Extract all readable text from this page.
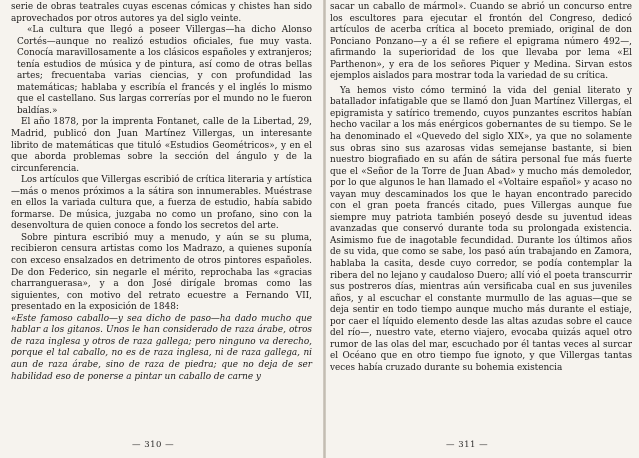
serie de obras teatrales cuyas escenas cómicas y chistes han sido aprovechados por otros autores ya del siglo veinte.

«La cultura que llegó a poseer Villergas—ha dicho Alonso Cortés—aunque no realizó estudios oficiales, fue muy vasta. Conocía maravillosamente a los clásicos españoles y extranjeros; tenía estudios de música y de pintura, así como de otras bellas artes; frecuentaba varias ciencias, y con profundidad las matemáticas; hablaba y escribía el francés y el inglés lo mismo que el castellano. Sus largas correrías por el mundo no le fueron baldías.»

El año 1878, por la imprenta Fontanet, calle de la Libertad, 29, Madrid, publicó don Juan Martínez Villergas, un interesante librito de matemáticas que tituló «Estudios Geométricos», y en el que aborda problemas sobre la sección del ángulo y de la circunferencia.

Los artículos que Villergas escribió de crítica literaria y artística—más o menos próximos a la sátira son innumerables. Muéstrase en ellos la variada cultura que, a fuerza de estudio, había sabido formarse. De música, juzgaba no como un profano, sino con la desenvoltura de quien conoce a fondo los secretos del arte.

Sobre pintura escribió muy a menudo, y aún se su pluma, recibieron censura artistas como los Madrazo, a quienes suponía con exceso ensalzados en detrimento de otros pintores españoles. De don Federico, sin negarle el mérito, reprochaba las «gracias charranguerasa», y a don José dirígale bromas como las siguientes, con motivo del retrato ecuestre a Fernando VII, presentado en la exposición de 1848:

«Este famoso caballo—y sea dicho de paso—ha dado mucho que hablar a los gitanos. Unos le han considerado de raza árabe, otros de raza inglesa y otros de raza gallega; pero ninguno va derecho, porque el tal caballo, no es de raza inglesa, ni de raza gallega, ni aun de raza árabe, sino de raza de piedra; que no deja de ser habilidad eso de ponerse a pintar un caballo de carne y

— 310 —

sacar un caballo de mármol». Cuando se abrió un concurso entre los escultores para ejecutar el frontón del Congreso, dedicó artículos de acerba crítica al boceto premiado, original de don Ponciano Ponzano—y a él se refiere el epigrama número 492—, afirmando la superioridad de los que llevaba por lema «El Parthenon», y era de los señores Piquer y Medina. Sirvan estos ejemplos aislados para mostrar toda la variedad de su crítica.

Ya hemos visto cómo terminó la vida del genial literato y batallador infatigable que se llamó don Juan Martínez Villergas, el epigramista y satírico tremendo, cuyos punzantes escritos habían hecho vacilar a los más enérgicos gobernantes de su tiempo. Se le ha denominado el «Quevedo del siglo XIX», ya que no solamente sus obras sino sus azarosas vidas semejanse bastante, si bien nuestro biografiado en su afán de sátira personal fue más fuerte que el «Señor de la Torre de Juan Abad» y mucho más demoledor, por lo que algunos le han llamado el «Voltaire español» y acaso no vayan muy descaminados los que le hayan encontrado parecido con el gran poeta francés citado, pues Villergas aunque fue siempre muy patriota también poseyó desde su juventud ideas avanzadas que conservó durante toda su prolongada existencia. Asimismo fue de inagotable fecundidad. Durante los últimos años de su vida, que como se sabe, los pasó aún trabajando en Zamora, hablaba la casita, desde cuyo corredor, se podía contemplar la ribera del no lejano y caudaloso Duero; allí vió el poeta transcurrir sus postreros días, mientras aún versificaba cual en sus juveniles años, y al escuchar el constante murmullo de las aguas—que se deja sentir en todo tiempo aunque mucho más durante el estiaje, por caer el líquido elemento desde las altas azudas sobre el cauce del río—, nuestro vate, eterno viajero, evocaba quizás aquel otro rumor de las olas del mar, escuchado por él tantas veces al surcar el Océano que en otro tiempo fue ignoto, y que Villergas tantas veces había cruzado durante su bohemia existencia

— 311 —
